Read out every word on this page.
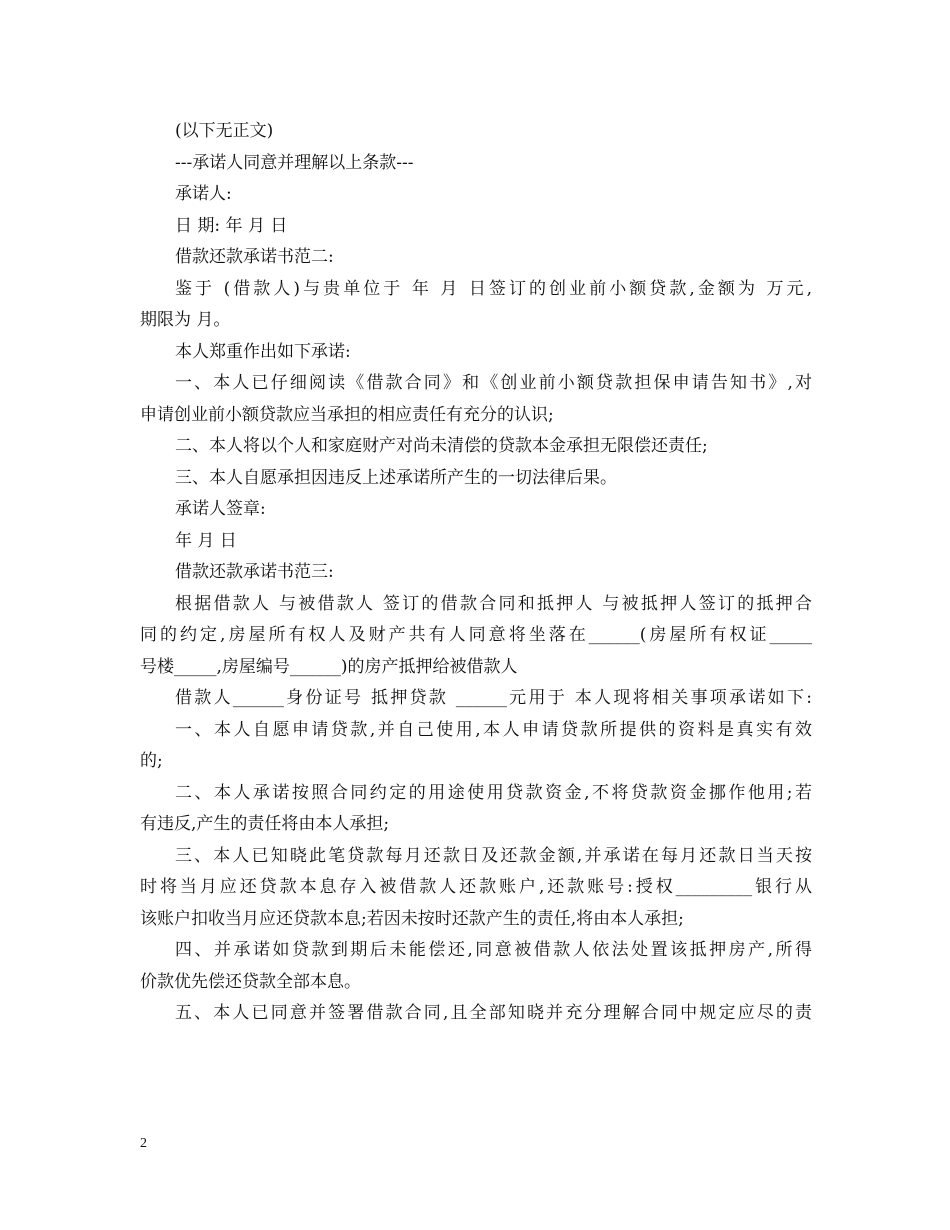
(以下无正文)
---承诺人同意并理解以上条款---
承诺人:
日 期: 年 月 日
借款还款承诺书范二:
鉴于 (借款人)与贵单位于 年 月 日签订的创业前小额贷款,金额为 万元,
期限为 月。
本人郑重作出如下承诺:
一、本人已仔细阅读《借款合同》和《创业前小额贷款担保申请告知书》,对
申请创业前小额贷款应当承担的相应责任有充分的认识;
二、本人将以个人和家庭财产对尚未清偿的贷款本金承担无限偿还责任;
三、本人自愿承担因违反上述承诺所产生的一切法律后果。
承诺人签章:
年 月 日
借款还款承诺书范三:
根据借款人 与被借款人 签订的借款合同和抵押人 与被抵押人签订的抵押合
同的约定,房屋所有权人及财产共有人同意将坐落在______(房屋所有权证_____
号楼_____,房屋编号______)的房产抵押给被借款人
借款人______身份证号 抵押贷款 ______元用于 本人现将相关事项承诺如下:
一、本人自愿申请贷款,并自己使用,本人申请贷款所提供的资料是真实有效
的;
二、本人承诺按照合同约定的用途使用贷款资金,不将贷款资金挪作他用;若
有违反,产生的责任将由本人承担;
三、本人已知晓此笔贷款每月还款日及还款金额,并承诺在每月还款日当天按
时将当月应还贷款本息存入被借款人还款账户,还款账号:授权_________银行从
该账户扣收当月应还贷款本息;若因未按时还款产生的责任,将由本人承担;
四、并承诺如贷款到期后未能偿还,同意被借款人依法处置该抵押房产,所得
价款优先偿还贷款全部本息。
五、本人已同意并签署借款合同,且全部知晓并充分理解合同中规定应尽的责
2
